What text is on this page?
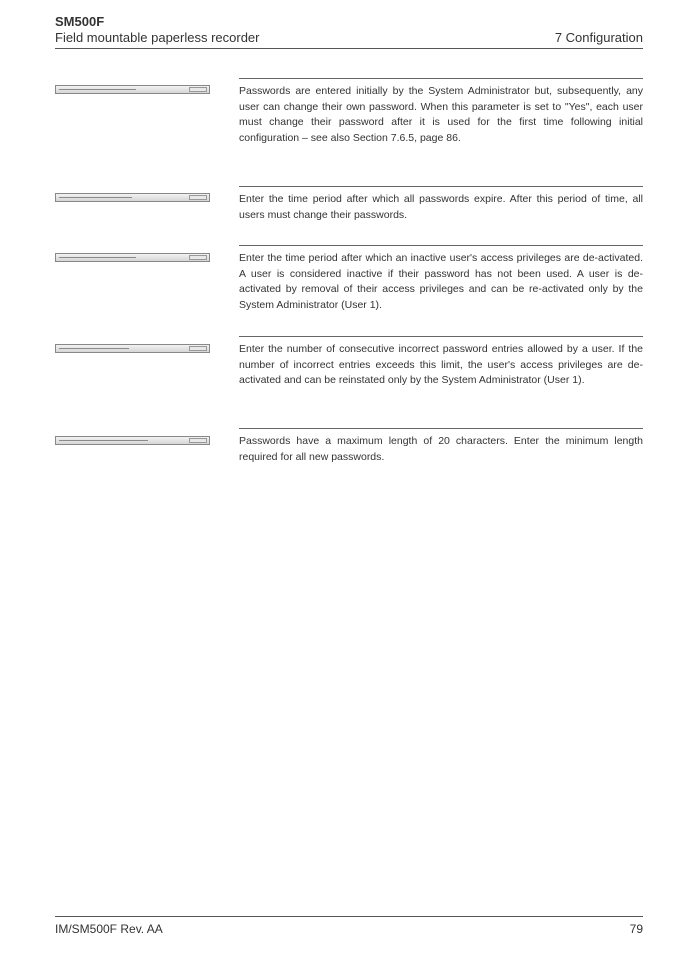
SM500F
Field mountable paperless recorder	7 Configuration

Passwords are entered initially by the System Administrator but, subsequently, any user can change their own password. When this parameter is set to "Yes", each user must change their password after it is used for the first time following initial configuration – see also Section 7.6.5, page 86.

Enter the time period after which all passwords expire. After this period of time, all users must change their passwords.

Enter the time period after which an inactive user's access privileges are de-activated. A user is considered inactive if their password has not been used. A user is de-activated by removal of their access privileges and can be re-activated only by the System Administrator (User 1).

Enter the number of consecutive incorrect password entries allowed by a user. If the number of incorrect entries exceeds this limit, the user's access privileges are de-activated and can be reinstated only by the System Administrator (User 1).

Passwords have a maximum length of 20 characters. Enter the minimum length required for all new passwords.

IM/SM500F Rev. AA	79
